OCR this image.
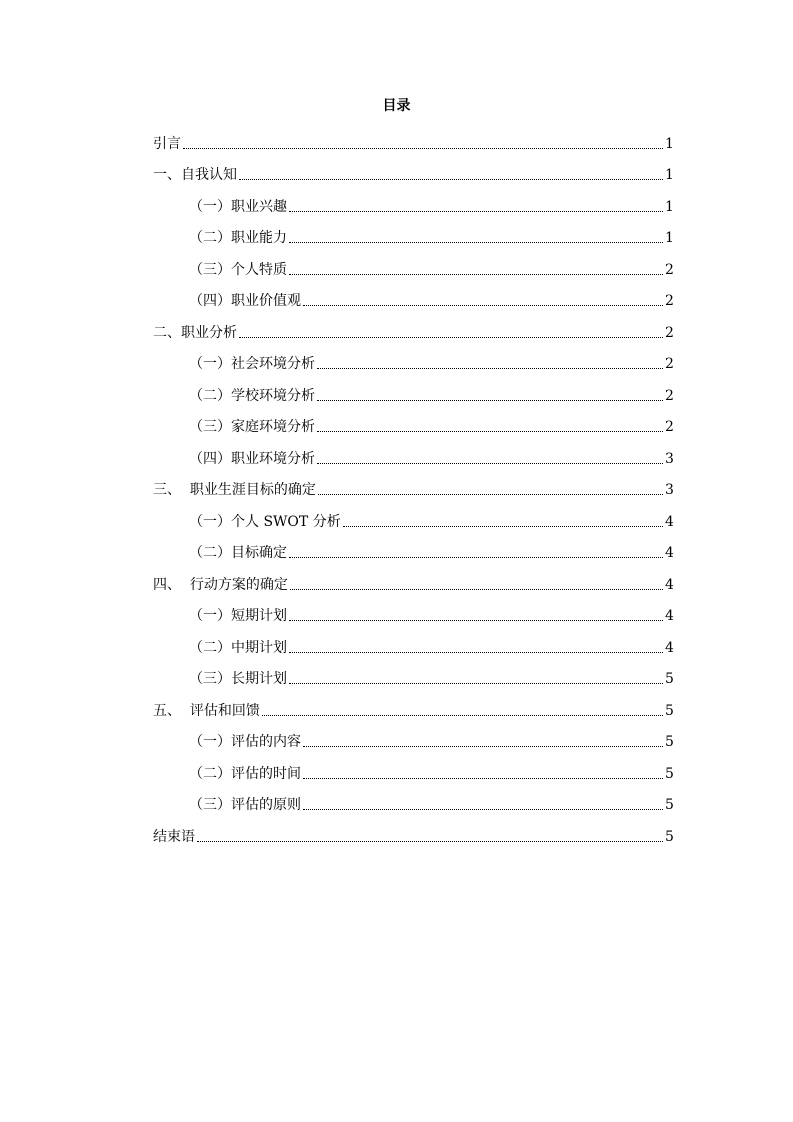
目录
引言	1
一、自我认知	1
（一）职业兴趣	1
（二）职业能力	1
（三）个人特质	2
（四）职业价值观	2
二、职业分析	2
（一）社会环境分析	2
（二）学校环境分析	2
（三）家庭环境分析	2
（四）职业环境分析	3
三、  职业生涯目标的确定	3
（一）个人 SWOT 分析	4
（二）目标确定	4
四、  行动方案的确定	4
（一）短期计划	4
（二）中期计划	4
（三）长期计划	5
五、  评估和回馈	5
（一）评估的内容	5
（二）评估的时间	5
（三）评估的原则	5
结束语	5
